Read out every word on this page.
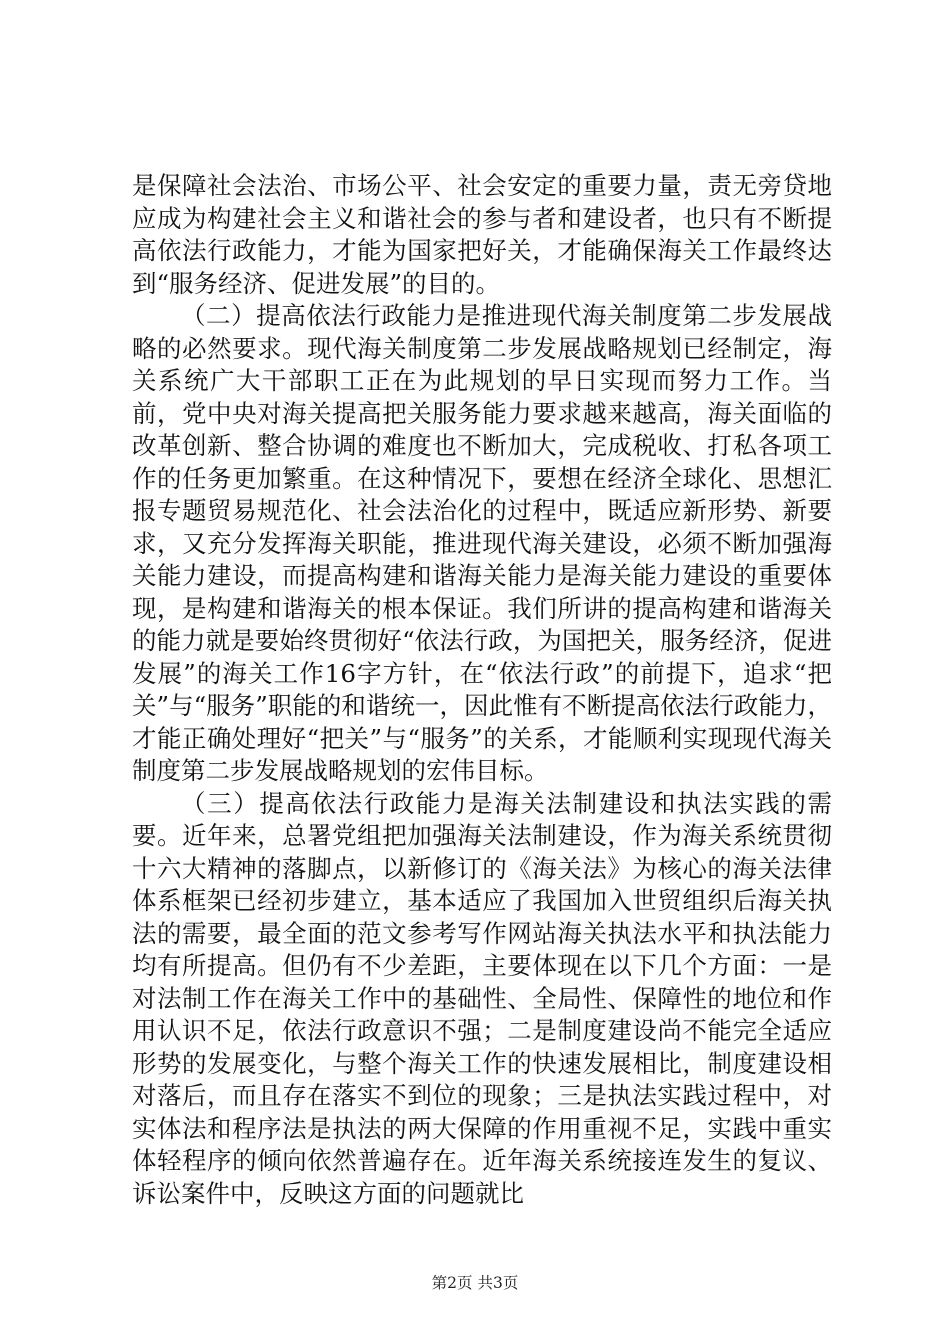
是保障社会法治、市场公平、社会安定的重要力量，责无旁贷地应成为构建社会主义和谐社会的参与者和建设者，也只有不断提高依法行政能力，才能为国家把好关，才能确保海关工作最终达到“服务经济、促进发展”的目的。

（二）提高依法行政能力是推进现代海关制度第二步发展战略的必然要求。现代海关制度第二步发展战略规划已经制定，海关系统广大干部职工正在为此规划的早日实现而努力工作。当前，党中央对海关提高把关服务能力要求越来越高，海关面临的改革创新、整合协调的难度也不断加大，完成税收、打私各项工作的任务更加繁重。在这种情况下，要想在经济全球化、思想汇报专题贸易规范化、社会法治化的过程中，既适应新形势、新要求，又充分发挥海关职能，推进现代海关建设，必须不断加强海关能力建设，而提高构建和谐海关能力是海关能力建设的重要体现，是构建和谐海关的根本保证。我们所讲的提高构建和谐海关的能力就是要始终贯彻好“依法行政，为国把关，服务经济，促进发展”的海关工作16字方针，在“依法行政”的前提下，追求“把关”与“服务”职能的和谐统一，因此惟有不断提高依法行政能力，才能正确处理好“把关”与“服务”的关系，才能顺利实现现代海关制度第二步发展战略规划的宏伟目标。

（三）提高依法行政能力是海关法制建设和执法实践的需要。近年来，总署党组把加强海关法制建设，作为海关系统贯彻十六大精神的落脚点，以新修订的《海关法》为核心的海关法律体系框架已经初步建立，基本适应了我国加入世贸组织后海关执法的需要，最全面的范文参考写作网站海关执法水平和执法能力均有所提高。但仍有不少差距，主要体现在以下几个方面：一是对法制工作在海关工作中的基础性、全局性、保障性的地位和作用认识不足，依法行政意识不强；二是制度建设尚不能完全适应形势的发展变化，与整个海关工作的快速发展相比，制度建设相对落后，而且存在落实不到位的现象；三是执法实践过程中，对实体法和程序法是执法的两大保障的作用重视不足，实践中重实体轻程序的倾向依然普遍存在。近年海关系统接连发生的复议、诉讼案件中，反映这方面的问题就比

第2页 共3页
